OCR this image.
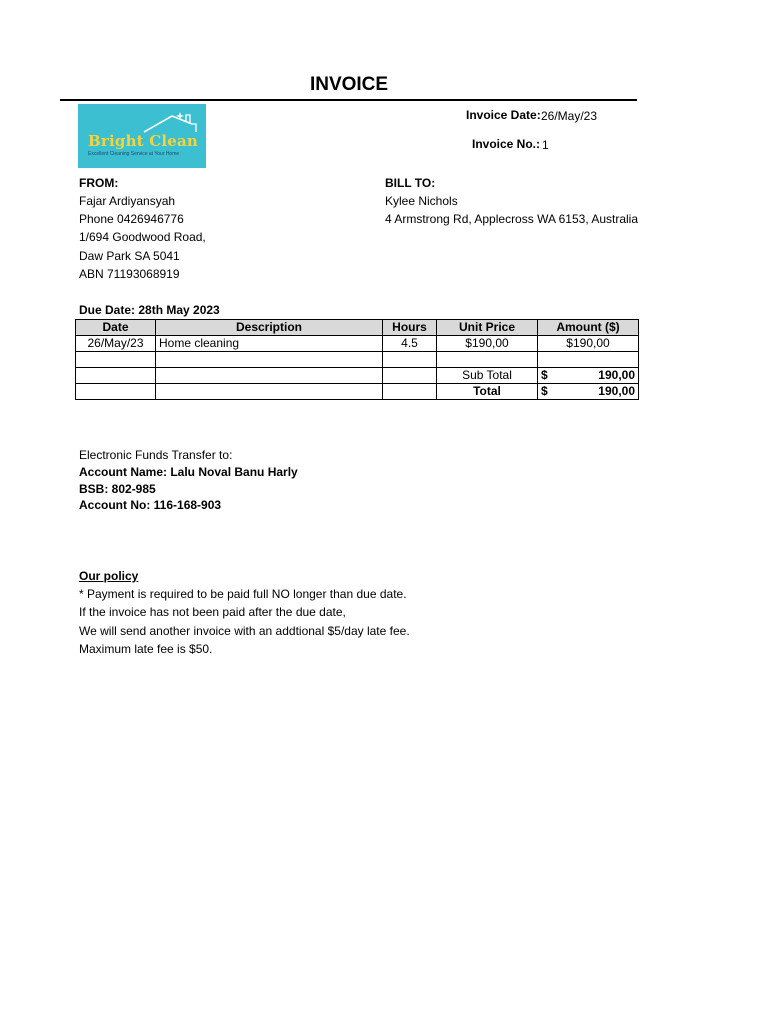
INVOICE
Bright Clean
Excellent Cleaning Service at Your Home
Invoice Date: 26/May/23
Invoice No.: 1
FROM:
Fajar Ardiyansyah
Phone 0426946776
1/694 Goodwood Road,
Daw Park SA 5041
ABN 71193068919
BILL TO:
Kylee Nichols
4 Armstrong Rd, Applecross WA 6153, Australia
Due Date: 28th May 2023
Date	Description	Hours	Unit Price	Amount ($)
26/May/23	Home cleaning	4.5	$190,00	$190,00

			Sub Total	$ 190,00

			Total	$ 190,00
Electronic Funds Transfer to:
Account Name: Lalu Noval Banu Harly
BSB: 802-985
Account No: 116-168-903
Our policy
* Payment is required to be paid full NO longer than due date.
If the invoice has not been paid after the due date,
We will send another invoice with an addtional $5/day late fee.
Maximum late fee is $50.
